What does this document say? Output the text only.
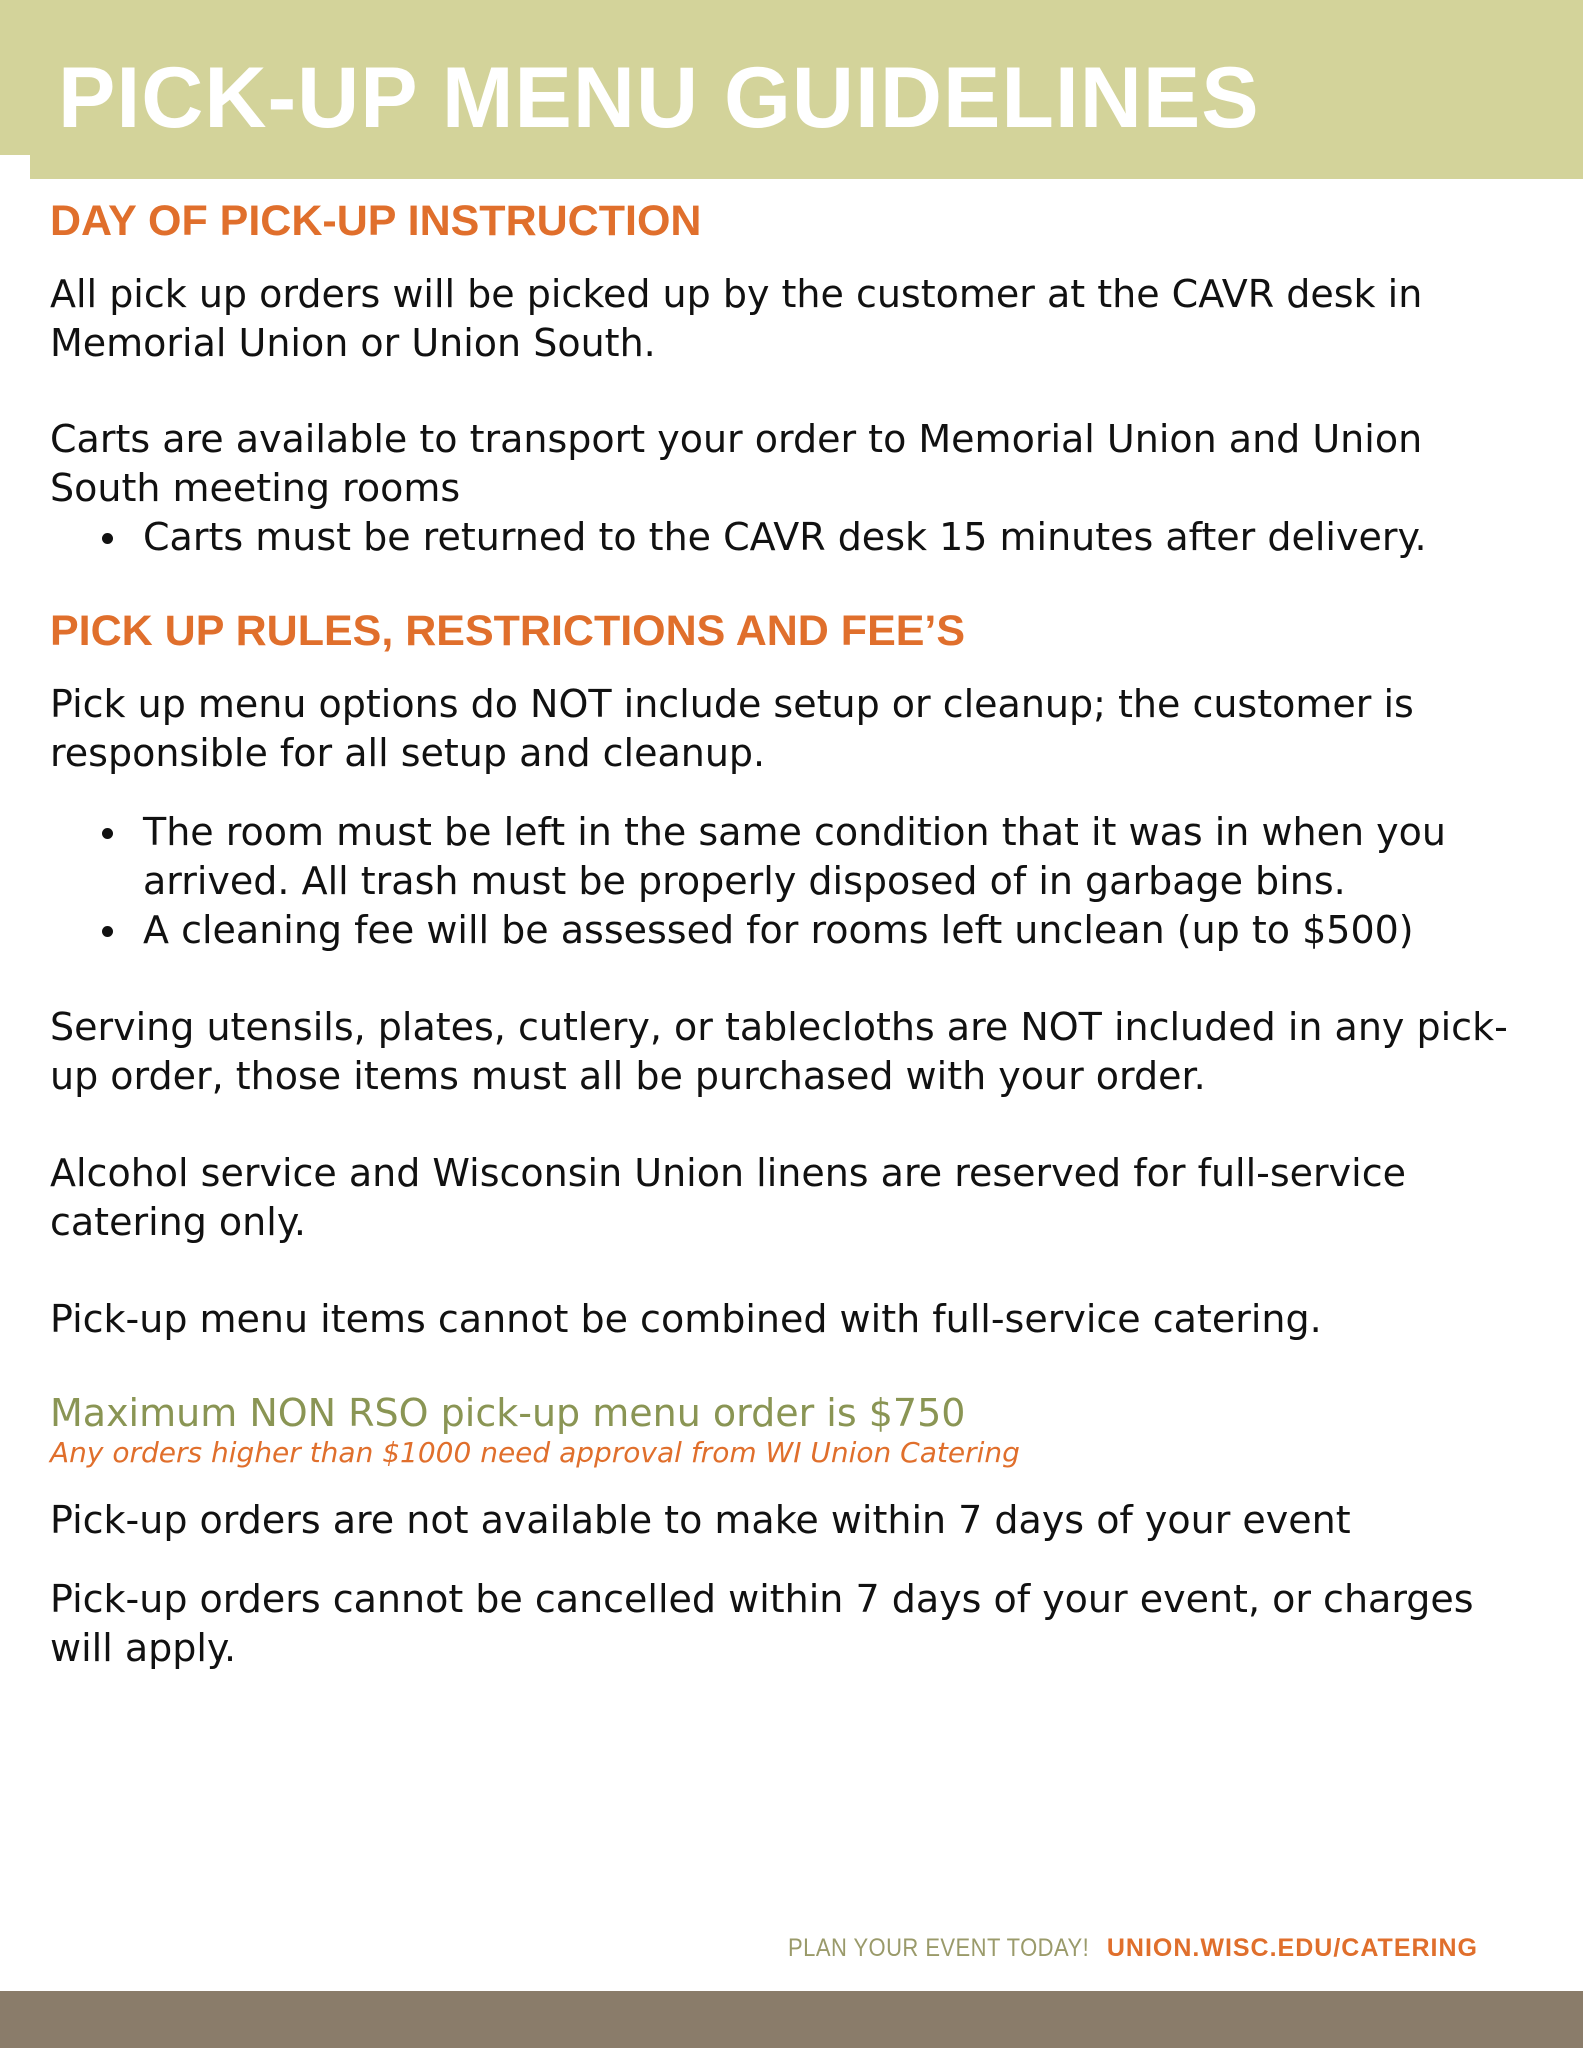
PICK-UP MENU GUIDELINES
DAY OF PICK-UP INSTRUCTION

All pick up orders will be picked up by the customer at the CAVR desk in Memorial Union or Union South.

Carts are available to transport your order to Memorial Union and Union South meeting rooms

Carts must be returned to the CAVR desk 15 minutes after delivery.
PICK UP RULES, RESTRICTIONS AND FEE’S

Pick up menu options do NOT include setup or cleanup; the customer is responsible for all setup and cleanup.

The room must be left in the same condition that it was in when you arrived. All trash must be properly disposed of in garbage bins.
A cleaning fee will be assessed for rooms left unclean (up to $500)

Serving utensils, plates, cutlery, or tablecloths are NOT included in any pick-up order, those items must all be purchased with your order.

Alcohol service and Wisconsin Union linens are reserved for full-service catering only.

Pick-up menu items cannot be combined with full-service catering.

Maximum NON RSO pick-up menu order is $750

Any orders higher than $1000 need approval from WI Union Catering

Pick-up orders are not available to make within 7 days of your event

Pick-up orders cannot be cancelled within 7 days of your event, or charges will apply.

PLAN YOUR EVENT TODAY! UNION.WISC.EDU/CATERING
